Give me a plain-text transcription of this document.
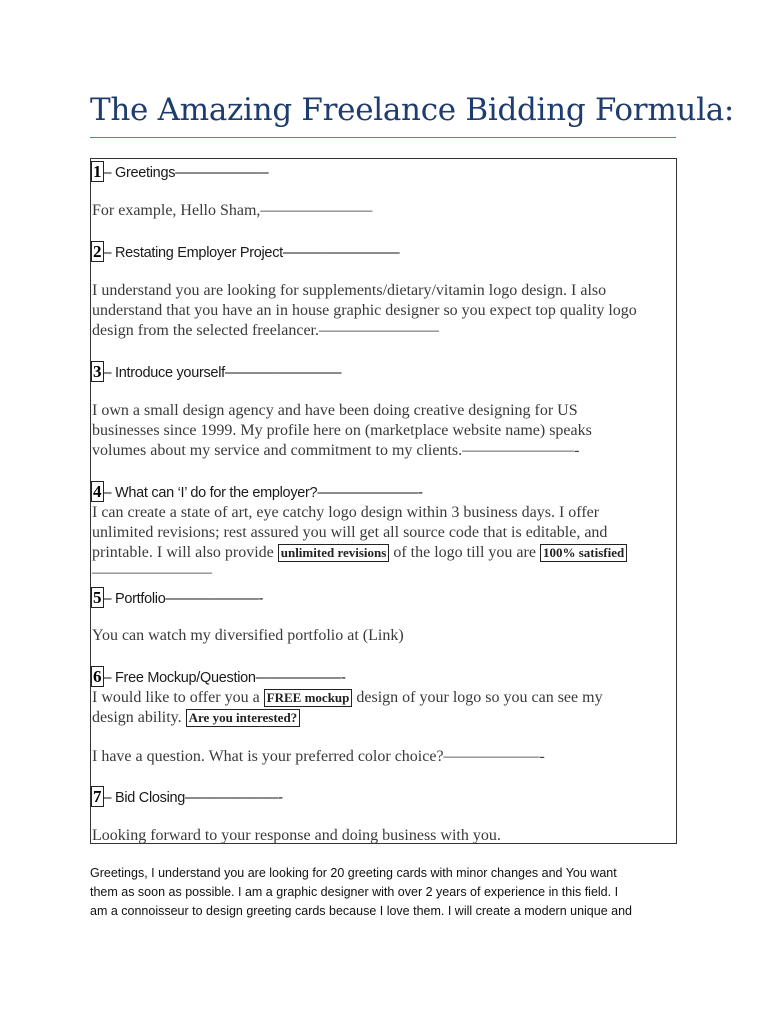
The Amazing Freelance Bidding Formula:
1 – Greetings––––––––––––
For example, Hello Sham,––––––––––––––
2 – Restating Employer Project–––––––––––––––
I understand you are looking for supplements/dietary/vitamin logo design. I also
understand that you have an in house graphic designer so you expect top quality logo
design from the selected freelancer.–––––––––––––––
3 – Introduce yourself–––––––––––––––
I own a small design agency and have been doing creative designing for US
businesses since 1999. My profile here on (marketplace website name) speaks
volumes about my service and commitment to my clients.––––––––––––––-
4 – What can ‘I’ do for the employer?–––––––––––––-
I can create a state of art, eye catchy logo design within 3 business days. I offer
unlimited revisions; rest assured you will get all source code that is editable, and
printable. I will also provide unlimited revisions of the logo till you are 100% satisfied
–––––––––––––––
5 – Portfolio––––––––––––-
You can watch my diversified portfolio at (Link)
6 – Free Mockup/Question–––––––––––-
I would like to offer you a FREE mockup design of your logo so you can see my
design ability. Are you interested?
I have a question. What is your preferred color choice?––––––––––––-
7 – Bid Closing––––––––––––-
Looking forward to your response and doing business with you.
Greetings, I understand you are looking for 20 greeting cards with minor changes and You want
them as soon as possible. I am a graphic designer with over 2 years of experience in this field. I
am a connoisseur to design greeting cards because I love them. I will create a modern unique and
